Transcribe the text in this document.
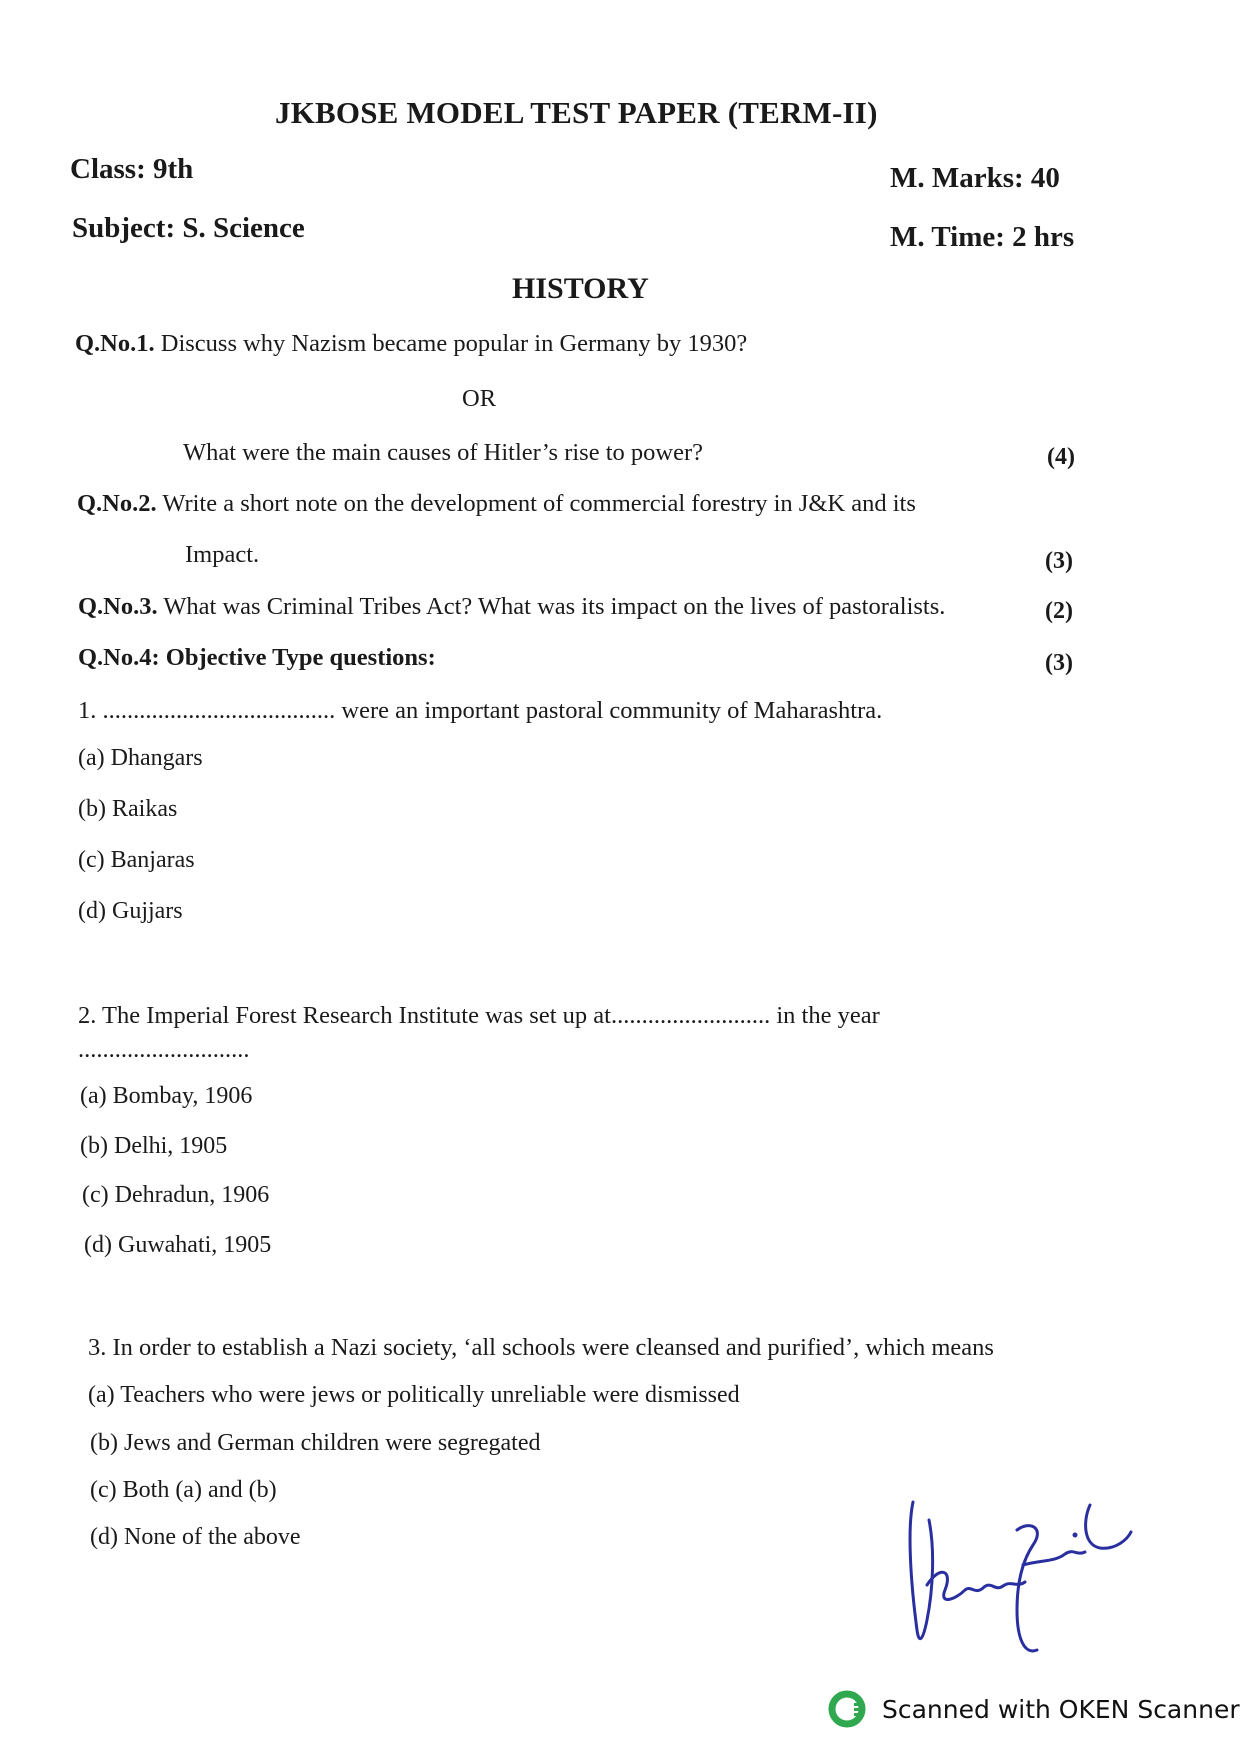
JKBOSE MODEL TEST PAPER (TERM-II)
Class: 9th	M. Marks: 40
Subject: S. Science	M. Time: 2 hrs
HISTORY
Q.No.1. Discuss why Nazism became popular in Germany by 1930?
OR
What were the main causes of Hitler’s rise to power?	(4)
Q.No.2. Write a short note on the development of commercial forestry in J&K and its
Impact.	(3)
Q.No.3. What was Criminal Tribes Act? What was its impact on the lives of pastoralists.	(2)
Q.No.4: Objective Type questions:	(3)
1. ...................................... were an important pastoral community of Maharashtra.
(a) Dhangars
(b) Raikas
(c) Banjaras
(d) Gujjars
2. The Imperial Forest Research Institute was set up at.......................... in the year
............................
(a) Bombay, 1906
(b) Delhi, 1905
(c) Dehradun, 1906
(d) Guwahati, 1905
3. In order to establish a Nazi society, ‘all schools were cleansed and purified’, which means
(a) Teachers who were jews or politically unreliable were dismissed
(b) Jews and German children were segregated
(c) Both (a) and (b)
(d) None of the above
Scanned with OKEN Scanner
